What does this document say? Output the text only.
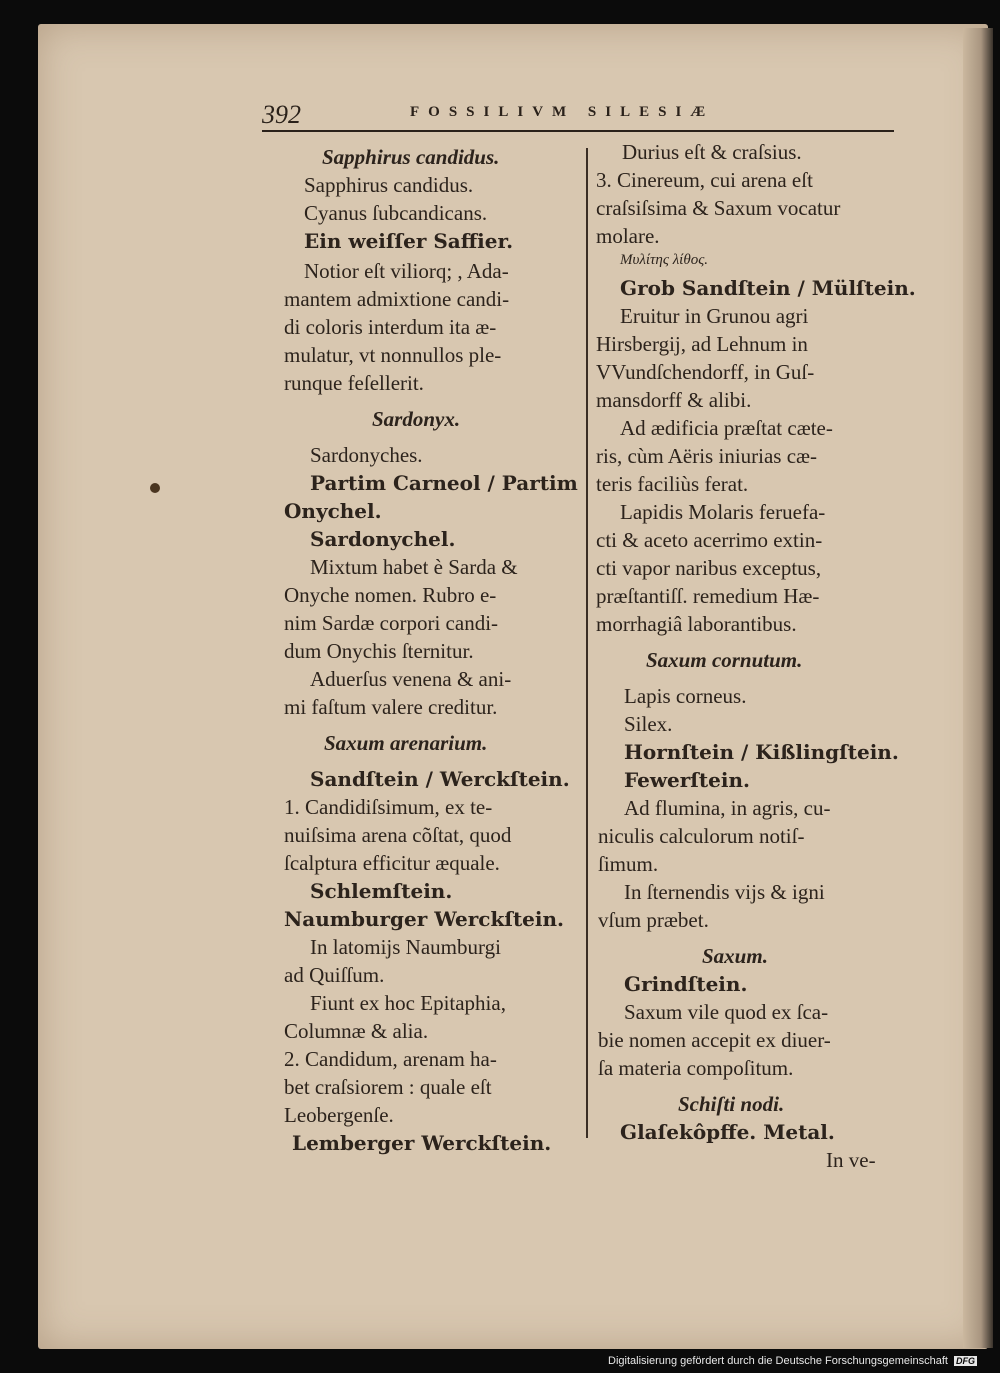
392	FOSSILIVM SILESIÆ
Sapphirus candidus.
Sapphirus candidus.
Cyanus ſubcandicans.
Ein weiſſer Saffier.
Notior eſt viliorq; , Ada-
mantem admixtione candi-
di coloris interdum ita æ-
mulatur, vt nonnullos ple-
runque feſellerit.
Sardonyx.
Sardonyches.
Partim Carneol / Partim
Onychel.
Sardonychel.
Mixtum habet è Sarda &
Onyche nomen. Rubro e-
nim Sardæ corpori candi-
dum Onychis ſternitur.
Aduerſus venena & ani-
mi faſtum valere creditur.
Saxum arenarium.
Sandſtein / Werckſtein.
1. Candidiſsimum, ex te-
nuiſsima arena cõſtat, quod
ſcalptura efficitur æquale.
Schlemſtein.
Naumburger Werckſtein.
In latomijs Naumburgi
ad Quiſſum.
Fiunt ex hoc Epitaphia,
Columnæ & alia.
2. Candidum, arenam ha-
bet craſsiorem : quale eſt
Leobergenſe.
Lemberger Werckſtein.
Durius eſt & craſsius.
3. Cinereum, cui arena eſt
craſsiſsima & Saxum vocatur
molare.
Μυλίτης λίθος.
Grob Sandſtein / Mülſtein.
Eruitur in Grunou agri
Hirsbergij, ad Lehnum in
VVundſchendorff, in Guſ-
mansdorff & alibi.
Ad ædificia præſtat cæte-
ris, cùm Aëris iniurias cæ-
teris faciliùs ferat.
Lapidis Molaris feruefa-
cti & aceto acerrimo extin-
cti vapor naribus exceptus,
præſtantiſſ. remedium Hæ-
morrhagiâ laborantibus.
Saxum cornutum.
Lapis corneus.
Silex.
Hornſtein / Kißlingſtein.
Fewerſtein.
Ad flumina, in agris, cu-
niculis calculorum notiſ-
ſimum.
In ſternendis vijs & igni
vſum præbet.
Saxum.
Grindſtein.
Saxum vile quod ex ſca-
bie nomen accepit ex diuer-
ſa materia compoſitum.
Schiſti nodi.
Glaſekôpffe. Metal.
In ve-
Digitalisierung gefördert durch die Deutsche Forschungsgemeinschaft DFG
